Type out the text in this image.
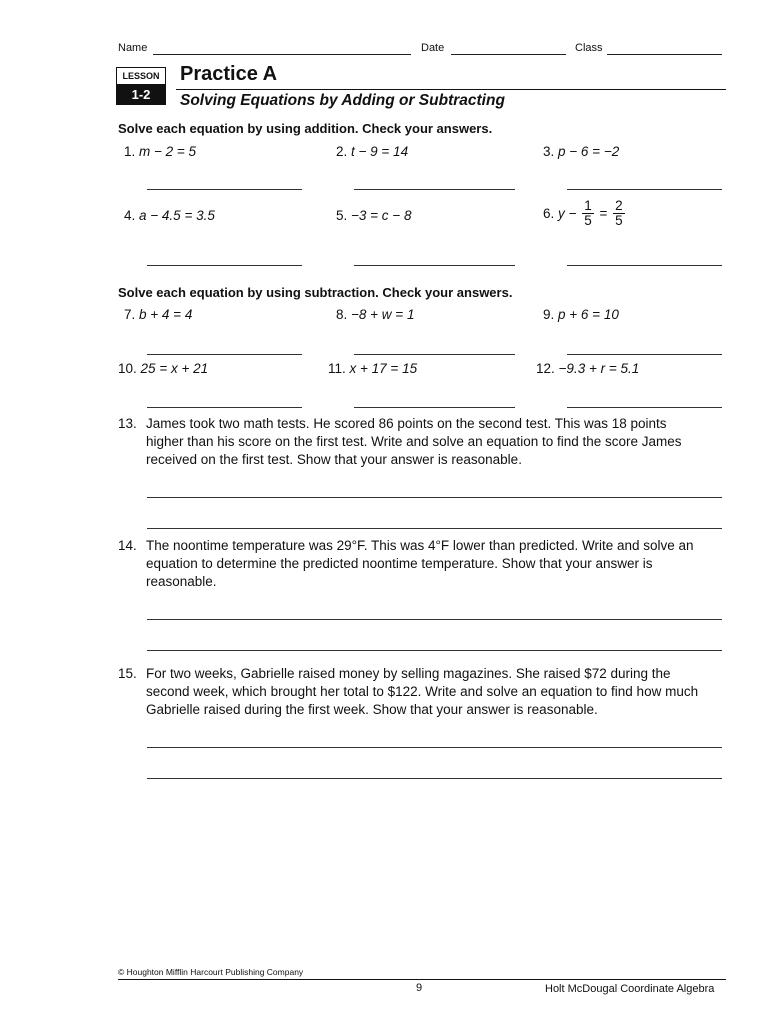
Name	Date	Class
LESSON
1-2
Practice A
Solving Equations by Adding or Subtracting
Solve each equation by using addition. Check your answers.
1. m − 2 = 5	2. t − 9 = 14	3. p − 6 = −2
4. a − 4.5 = 3.5	5. −3 = c − 8	6. $y - \frac{1}{5} = \frac{2}{5}$
Solve each equation by using subtraction. Check your answers.
7. b + 4 = 4	8. −8 + w = 1	9. p + 6 = 10
10. 25 = x + 21	11. x + 17 = 15	12. −9.3 + r = 5.1
13. James took two math tests. He scored 86 points on the second test. This was 18 points higher than his score on the first test. Write and solve an equation to find the score James received on the first test. Show that your answer is reasonable.
14. The noontime temperature was 29°F. This was 4°F lower than predicted. Write and solve an equation to determine the predicted noontime temperature. Show that your answer is reasonable.
15. For two weeks, Gabrielle raised money by selling magazines. She raised $72 during the second week, which brought her total to $122. Write and solve an equation to find how much Gabrielle raised during the first week. Show that your answer is reasonable.
© Houghton Mifflin Harcourt Publishing Company
9	Holt McDougal Coordinate Algebra
